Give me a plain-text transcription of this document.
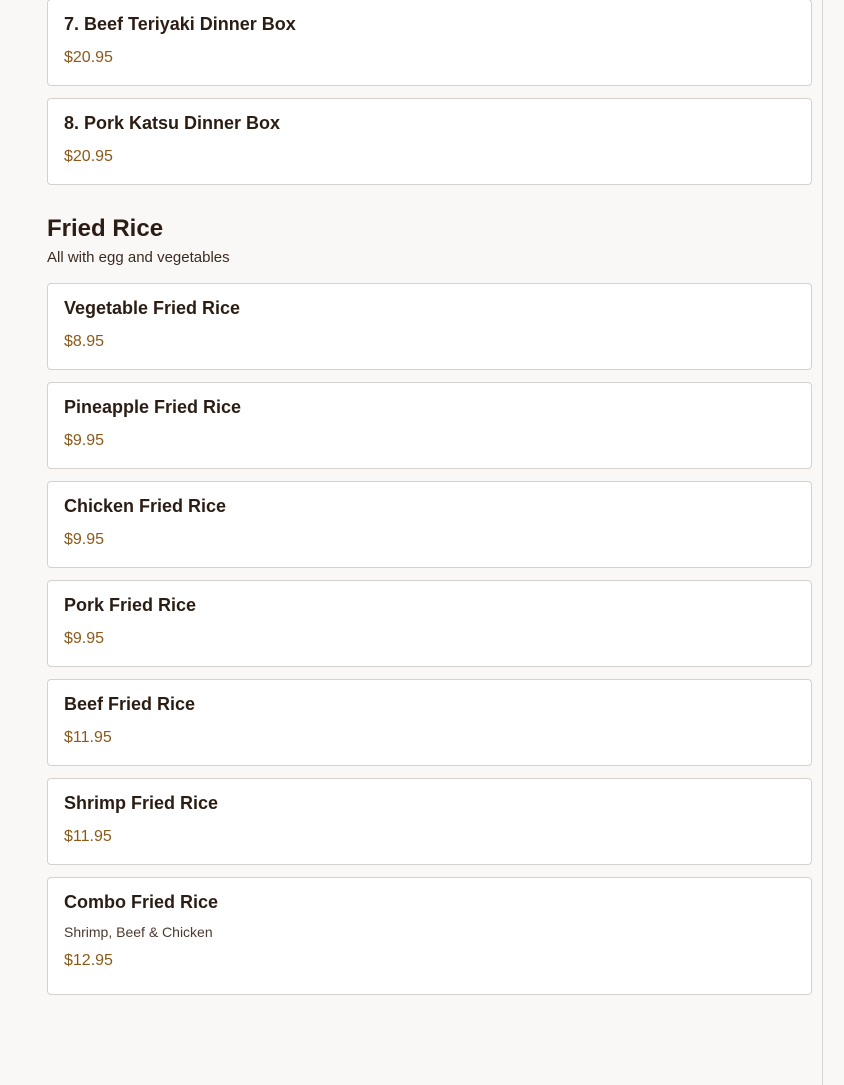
7. Beef Teriyaki Dinner Box
$20.95
8. Pork Katsu Dinner Box
$20.95
Fried Rice
All with egg and vegetables
Vegetable Fried Rice
$8.95
Pineapple Fried Rice
$9.95
Chicken Fried Rice
$9.95
Pork Fried Rice
$9.95
Beef Fried Rice
$11.95
Shrimp Fried Rice
$11.95
Combo Fried Rice
Shrimp, Beef & Chicken
$12.95
